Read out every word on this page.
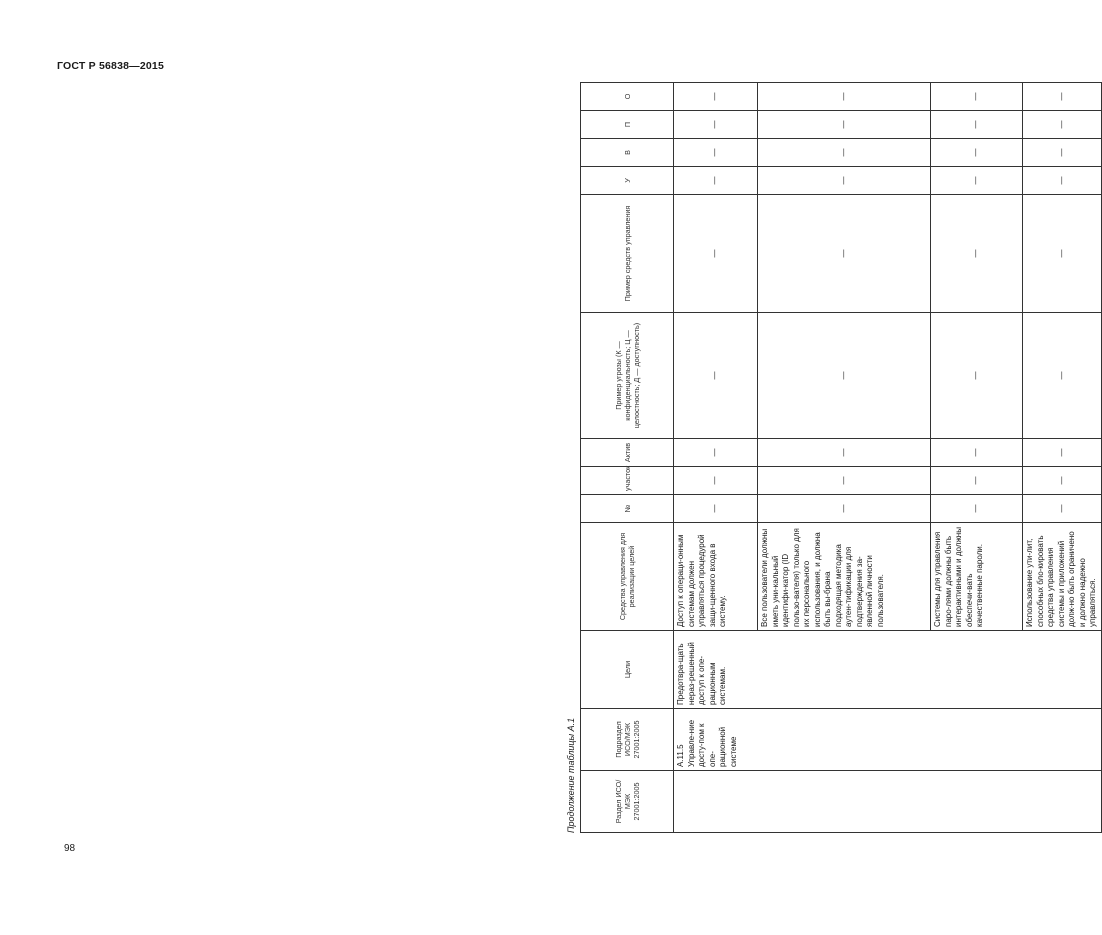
ГОСТ Р 56838—2015
Продолжение таблицы А.1	Раздел ИСО/МЭК 27001:2005	Подраздел ИСО/МЭК 27001:2005	Цели	Средства управления для реализации целей	№	участок	Актив	Пример угрозы (К — конфиденциальность; Ц — целостность; Д — доступность)	Пример средств управления	У	В	П	О
	А.11.5 Управле-ние досту-пом к опе-рационной системе	Предотвра-щать нераз-решенный доступ к опе-рационным системам.	Доступ к операци-онным системам должен управляться процедурой защи-щенного входа в систему.	—	—	—	—	—	—	—	—	—
			Все пользователи должны иметь уни-кальный идентифи-катор (ID пользо-вателя) только для их персонального использования, и должна быть вы-брана подходящая методика аутен-тификации для подтверждения за-явленной личности пользователя.	—	—	—	—	—	—	—	—	—
			Системы для управления паро-лями должны быть интерактивными и должны обеспечи-вать качественные пароли.	—	—	—	—	—	—	—	—	—
			Использование ути-лит, способных бло-кировать средства управления системы и приложений долж-но быть ограничено и должно надежно управляться.	—	—	—	—	—	—	—	—	—
98
